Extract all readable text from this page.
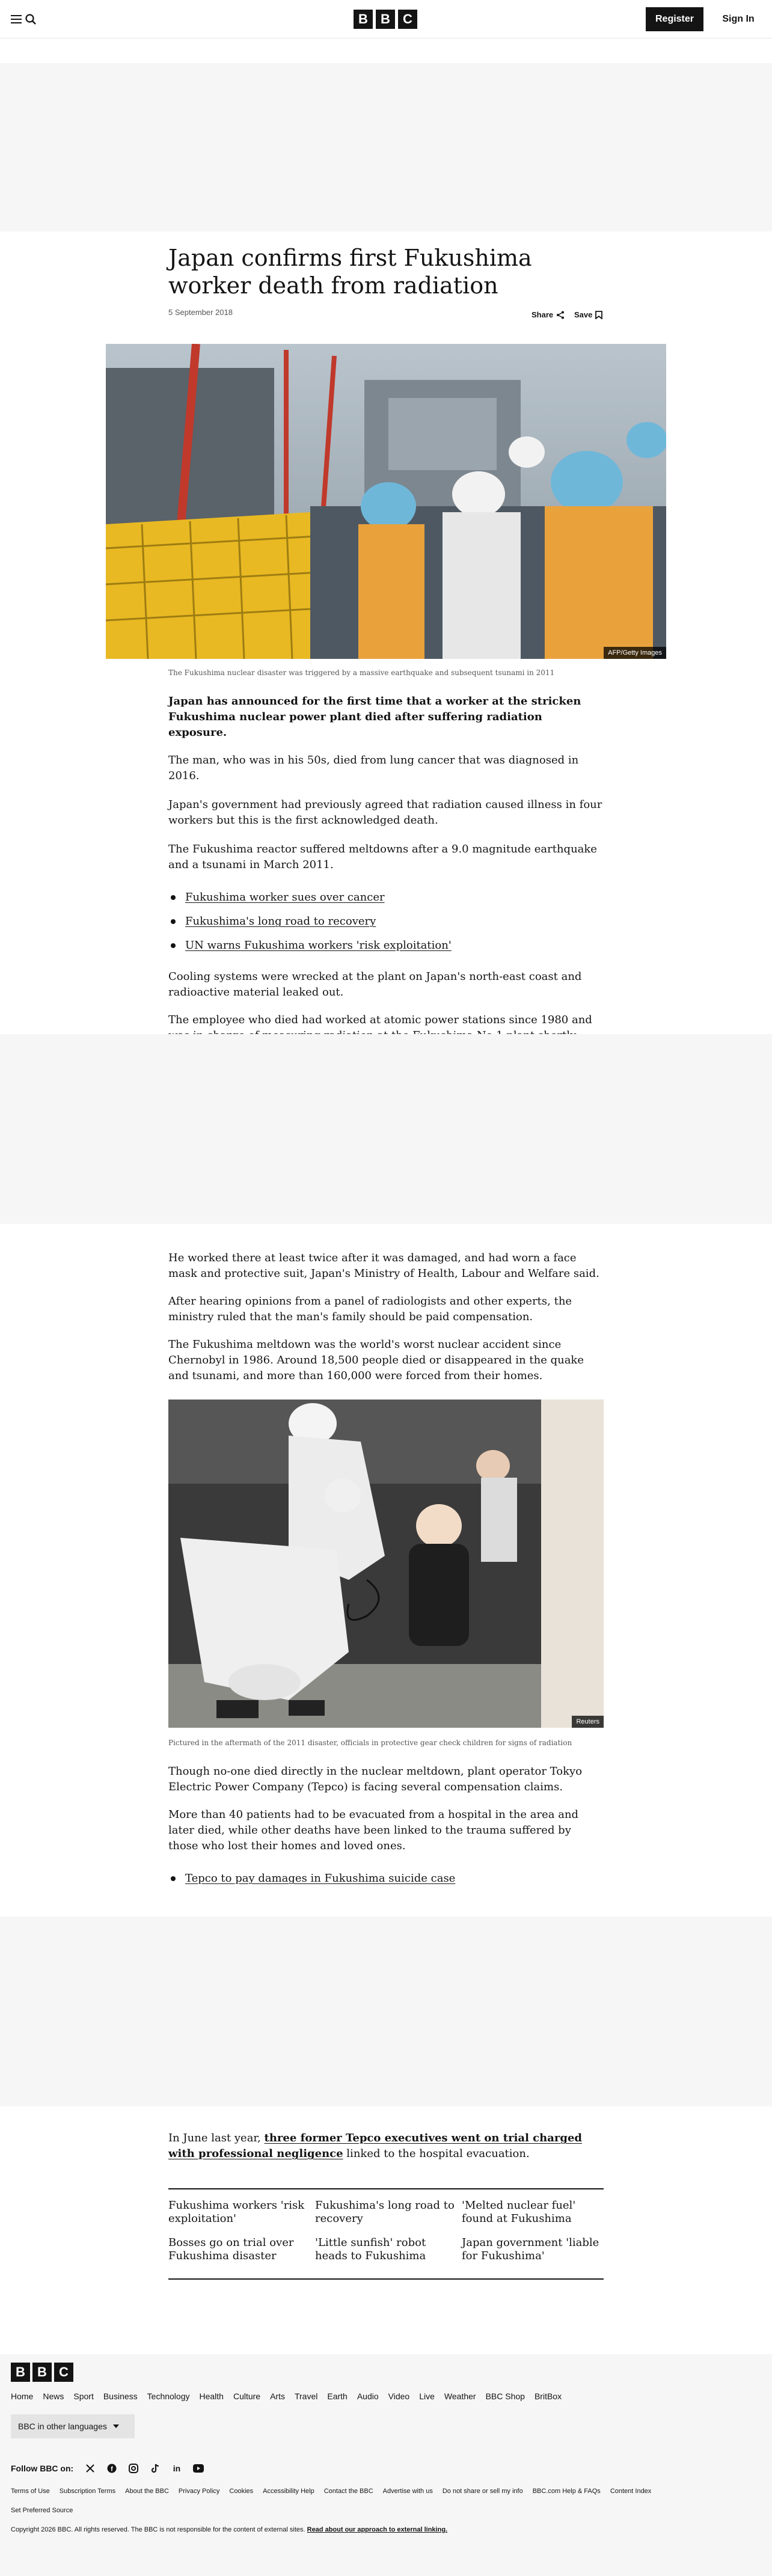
B B C	Register	Sign In
Japan confirms first Fukushima worker death from radiation
5 September 2018	Share	Save
AFP/Getty Images
The Fukushima nuclear disaster was triggered by a massive earthquake and subsequent tsunami in 2011

Japan has announced for the first time that a worker at the stricken Fukushima nuclear power plant died after suffering radiation exposure.

The man, who was in his 50s, died from lung cancer that was diagnosed in 2016.

Japan's government had previously agreed that radiation caused illness in four workers but this is the first acknowledged death.

The Fukushima reactor suffered meltdowns after a 9.0 magnitude earthquake and a tsunami in March 2011.

Fukushima worker sues over cancer
Fukushima's long road to recovery
UN warns Fukushima workers 'risk exploitation'

Cooling systems were wrecked at the plant on Japan's north-east coast and radioactive material leaked out.

The employee who died had worked at atomic power stations since 1980 and

He worked there at least twice after it was damaged, and had worn a face mask and protective suit, Japan's Ministry of Health, Labour and Welfare said.

After hearing opinions from a panel of radiologists and other experts, the ministry ruled that the man's family should be paid compensation.

The Fukushima meltdown was the world's worst nuclear accident since Chernobyl in 1986. Around 18,500 people died or disappeared in the quake and tsunami, and more than 160,000 were forced from their homes.

Reuters
Pictured in the aftermath of the 2011 disaster, officials in protective gear check children for signs of radiation

Though no-one died directly in the nuclear meltdown, plant operator Tokyo Electric Power Company (Tepco) is facing several compensation claims.

More than 40 patients had to be evacuated from a hospital in the area and later died, while other deaths have been linked to the trauma suffered by those who lost their homes and loved ones.

Tepco to pay damages in Fukushima suicide case

In June last year, three former Tepco executives went on trial charged with professional negligence linked to the hospital evacuation.

Fukushima workers 'risk exploitation'
Fukushima's long road to recovery
'Melted nuclear fuel' found at Fukushima
Bosses go on trial over Fukushima disaster
'Little sunfish' robot heads to Fukushima
Japan government 'liable for Fukushima'
B B C
Home News Sport Business Technology Health Culture Arts Travel Earth Audio Video Live Weather BBC Shop BritBox
BBC in other languages
Follow BBC on:	f	in
Terms of Use Subscription Terms About the BBC Privacy Policy Cookies Accessibility Help Contact the BBC Advertise with us Do not share or sell my info BBC.com Help & FAQs Content Index
Set Preferred Source
Copyright 2026 BBC. All rights reserved. The BBC is not responsible for the content of external sites. Read about our approach to external linking.
